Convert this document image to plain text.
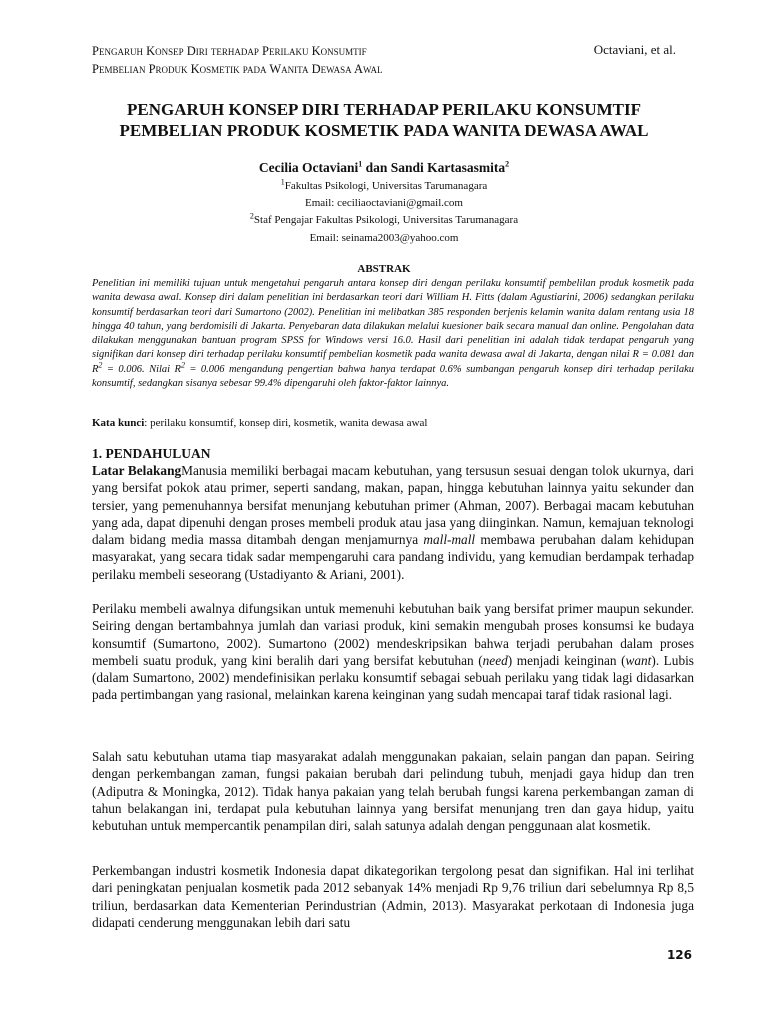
Pengaruh Konsep Diri terhadap Perilaku Konsumtif
Pembelian Produk Kosmetik pada Wanita Dewasa Awal
Octaviani, et al.
PENGARUH KONSEP DIRI TERHADAP PERILAKU KONSUMTIF
PEMBELIAN PRODUK KOSMETIK PADA WANITA DEWASA AWAL
Cecilia Octaviani$^1$ dan Sandi Kartasasmita$^2$
$^1$Fakultas Psikologi, Universitas Tarumanagara
Email: ceciliaoctaviani@gmail.com
$^2$Staf Pengajar Fakultas Psikologi, Universitas Tarumanagara
Email: seinama2003@yahoo.com
ABSTRAK

Penelitian ini memiliki tujuan untuk mengetahui pengaruh antara konsep diri dengan perilaku konsumtif pembelilan produk kosmetik pada wanita dewasa awal. Konsep diri dalam penelitian ini berdasarkan teori dari William H. Fitts (dalam Agustiarini, 2006) sedangkan perilaku konsumtif berdasarkan teori dari Sumartono (2002). Penelitian ini melibatkan 385 responden berjenis kelamin wanita dalam rentang usia 18 hingga 40 tahun, yang berdomisili di Jakarta. Penyebaran data dilakukan melalui kuesioner baik secara manual dan online. Pengolahan data dilakukan menggunakan bantuan program SPSS for Windows versi 16.0. Hasil dari penelitian ini adalah tidak terdapat pengaruh yang signifikan dari konsep diri terhadap perilaku konsumtif pembelian kosmetik pada wanita dewasa awal di Jakarta, dengan nilai R = 0.081 dan $R^2 = 0.006$. Nilai $R^2 = 0.006$ mengandung pengertian bahwa hanya terdapat 0.6% sumbangan pengaruh konsep diri terhadap perilaku konsumtif, sedangkan sisanya sebesar 99.4% dipengaruhi oleh faktor-faktor lainnya.

Kata kunci: perilaku konsumtif, konsep diri, kosmetik, wanita dewasa awal

1. PENDAHULUAN

Latar BelakangManusia memiliki berbagai macam kebutuhan, yang tersusun sesuai dengan tolok ukurnya, dari yang bersifat pokok atau primer, seperti sandang, makan, papan, hingga kebutuhan lainnya yaitu sekunder dan tersier, yang pemenuhannya bersifat menunjang kebutuhan primer (Ahman, 2007). Berbagai macam kebutuhan yang ada, dapat dipenuhi dengan proses membeli produk atau jasa yang diinginkan. Namun, kemajuan teknologi dalam bidang media massa ditambah dengan menjamurnya mall-mall membawa perubahan dalam kehidupan masyarakat, yang secara tidak sadar mempengaruhi cara pandang individu, yang kemudian berdampak terhadap perilaku membeli seseorang (Ustadiyanto & Ariani, 2001).

Perilaku membeli awalnya difungsikan untuk memenuhi kebutuhan baik yang bersifat primer maupun sekunder. Seiring dengan bertambahnya jumlah dan variasi produk, kini semakin mengubah proses konsumsi ke budaya konsumtif (Sumartono, 2002). Sumartono (2002) mendeskripsikan bahwa terjadi perubahan dalam proses membeli suatu produk, yang kini beralih dari yang bersifat kebutuhan (need) menjadi keinginan (want). Lubis (dalam Sumartono, 2002) mendefinisikan perlaku konsumtif sebagai sebuah perilaku yang tidak lagi didasarkan pada pertimbangan yang rasional, melainkan karena keinginan yang sudah mencapai taraf tidak rasional lagi.

Salah satu kebutuhan utama tiap masyarakat adalah menggunakan pakaian, selain pangan dan papan. Seiring dengan perkembangan zaman, fungsi pakaian berubah dari pelindung tubuh, menjadi gaya hidup dan tren (Adiputra & Moningka, 2012). Tidak hanya pakaian yang telah berubah fungsi karena perkembangan zaman di tahun belakangan ini, terdapat pula kebutuhan lainnya yang bersifat menunjang tren dan gaya hidup, yaitu kebutuhan untuk mempercantik penampilan diri, salah satunya adalah dengan penggunaan alat kosmetik.

Perkembangan industri kosmetik Indonesia dapat dikategorikan tergolong pesat dan signifikan. Hal ini terlihat dari peningkatan penjualan kosmetik pada 2012 sebanyak 14% menjadi Rp 9,76 triliun dari sebelumnya Rp 8,5 triliun, berdasarkan data Kementerian Perindustrian (Admin, 2013). Masyarakat perkotaan di Indonesia juga didapati cenderung menggunakan lebih dari satu

126
